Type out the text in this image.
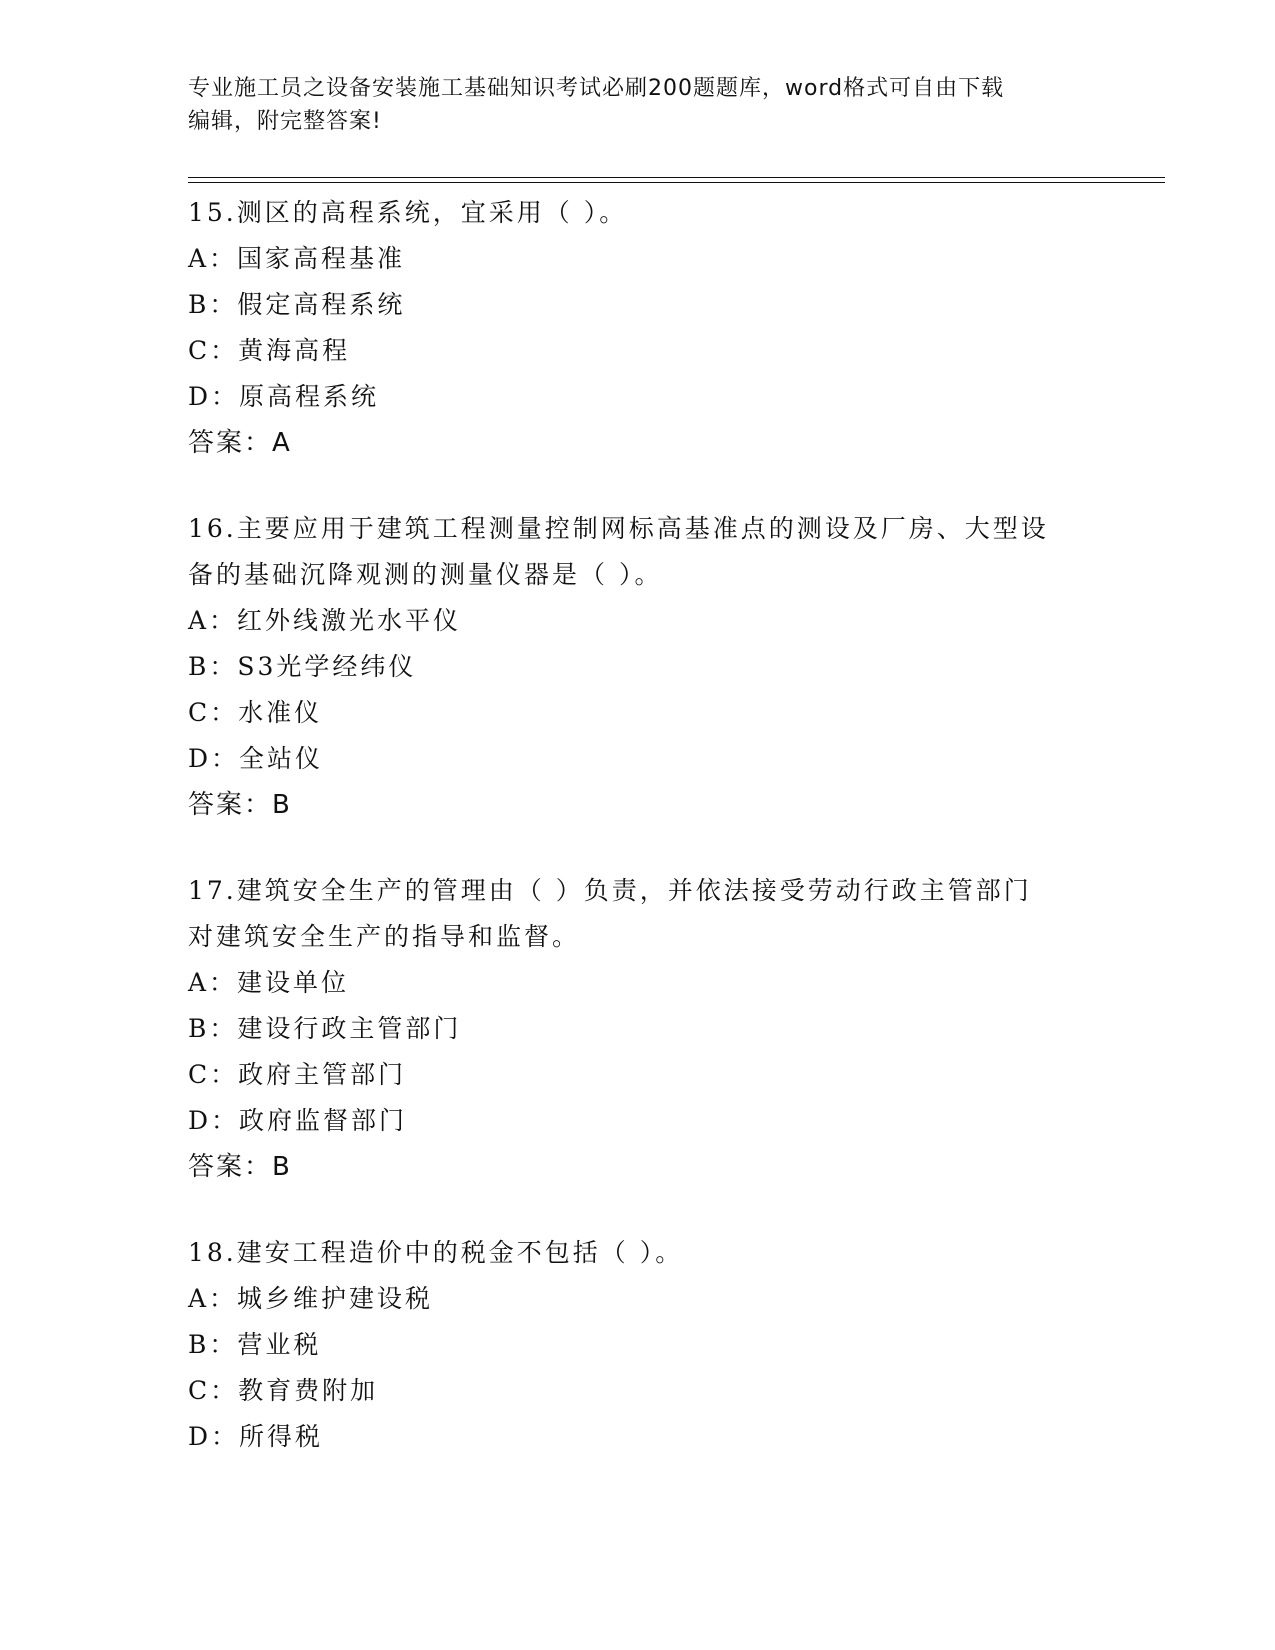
专业施工员之设备安装施工基础知识考试必刷200题题库，word格式可自由下载
编辑，附完整答案!

15.测区的高程系统，宜采用（ ）。

A：国家高程基准

B：假定高程系统

C：黄海高程

D：原高程系统

答案：A

16.主要应用于建筑工程测量控制网标高基准点的测设及厂房、大型设

备的基础沉降观测的测量仪器是（ ）。

A：红外线激光水平仪

B：S3光学经纬仪

C：水准仪

D：全站仪

答案：B

17.建筑安全生产的管理由（ ）负责，并依法接受劳动行政主管部门

对建筑安全生产的指导和监督。

A：建设单位

B：建设行政主管部门

C：政府主管部门

D：政府监督部门

答案：B

18.建安工程造价中的税金不包括（ ）。

A：城乡维护建设税

B：营业税

C：教育费附加

D：所得税
